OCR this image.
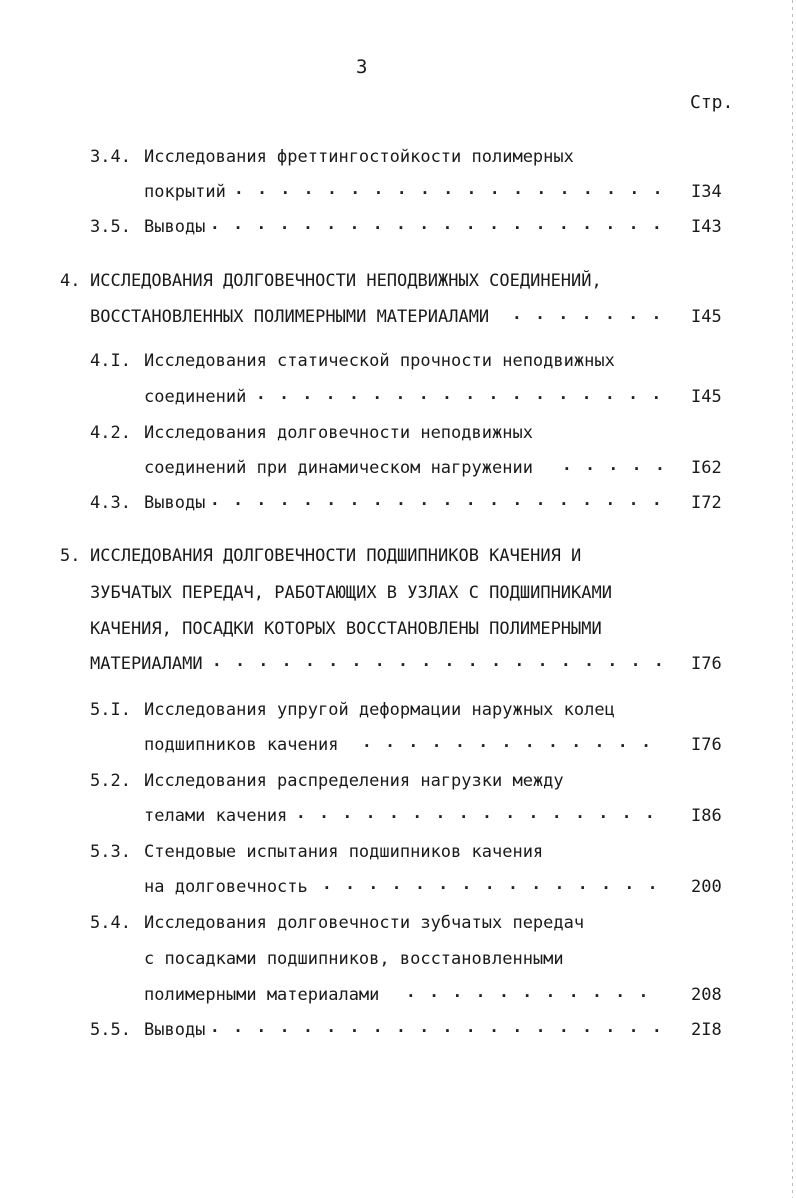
3
Стр.
3.4. Исследования фреттингостойкости полимерных
покрытий . . .	I34
3.5. Выводы . . .	I43
4. ИССЛЕДОВАНИЯ ДОЛГОВЕЧНОСТИ НЕПОДВИЖНЫХ СОЕДИНЕНИЙ,
ВОССТАНОВЛЕННЫХ ПОЛИМЕРНЫМИ МАТЕРИАЛАМИ . . .	I45
4.I. Исследования статической прочности неподвижных
соединений . . .	I45
4.2. Исследования долговечности неподвижных
соединений при динамическом нагружении . . .	I62
4.3. Выводы . . .	I72
5. ИССЛЕДОВАНИЯ ДОЛГОВЕЧНОСТИ ПОДШИПНИКОВ КАЧЕНИЯ И
ЗУБЧАТЫХ ПЕРЕДАЧ, РАБОТАЮЩИХ В УЗЛАХ С ПОДШИПНИКАМИ
КАЧЕНИЯ, ПОСАДКИ КОТОРЫХ ВОССТАНОВЛЕНЫ ПОЛИМЕРНЫМИ
МАТЕРИАЛАМИ . . .	I76
5.I. Исследования упругой деформации наружных колец
подшипников качения . . .	I76
5.2. Исследования распределения нагрузки между
телами качения . . .	I86
5.3. Стендовые испытания подшипников качения
на долговечность . . .	200
5.4. Исследования долговечности зубчатых передач
с посадками подшипников, восстановленными
полимерными материалами . . .	208
5.5. Выводы . . .	2I8
